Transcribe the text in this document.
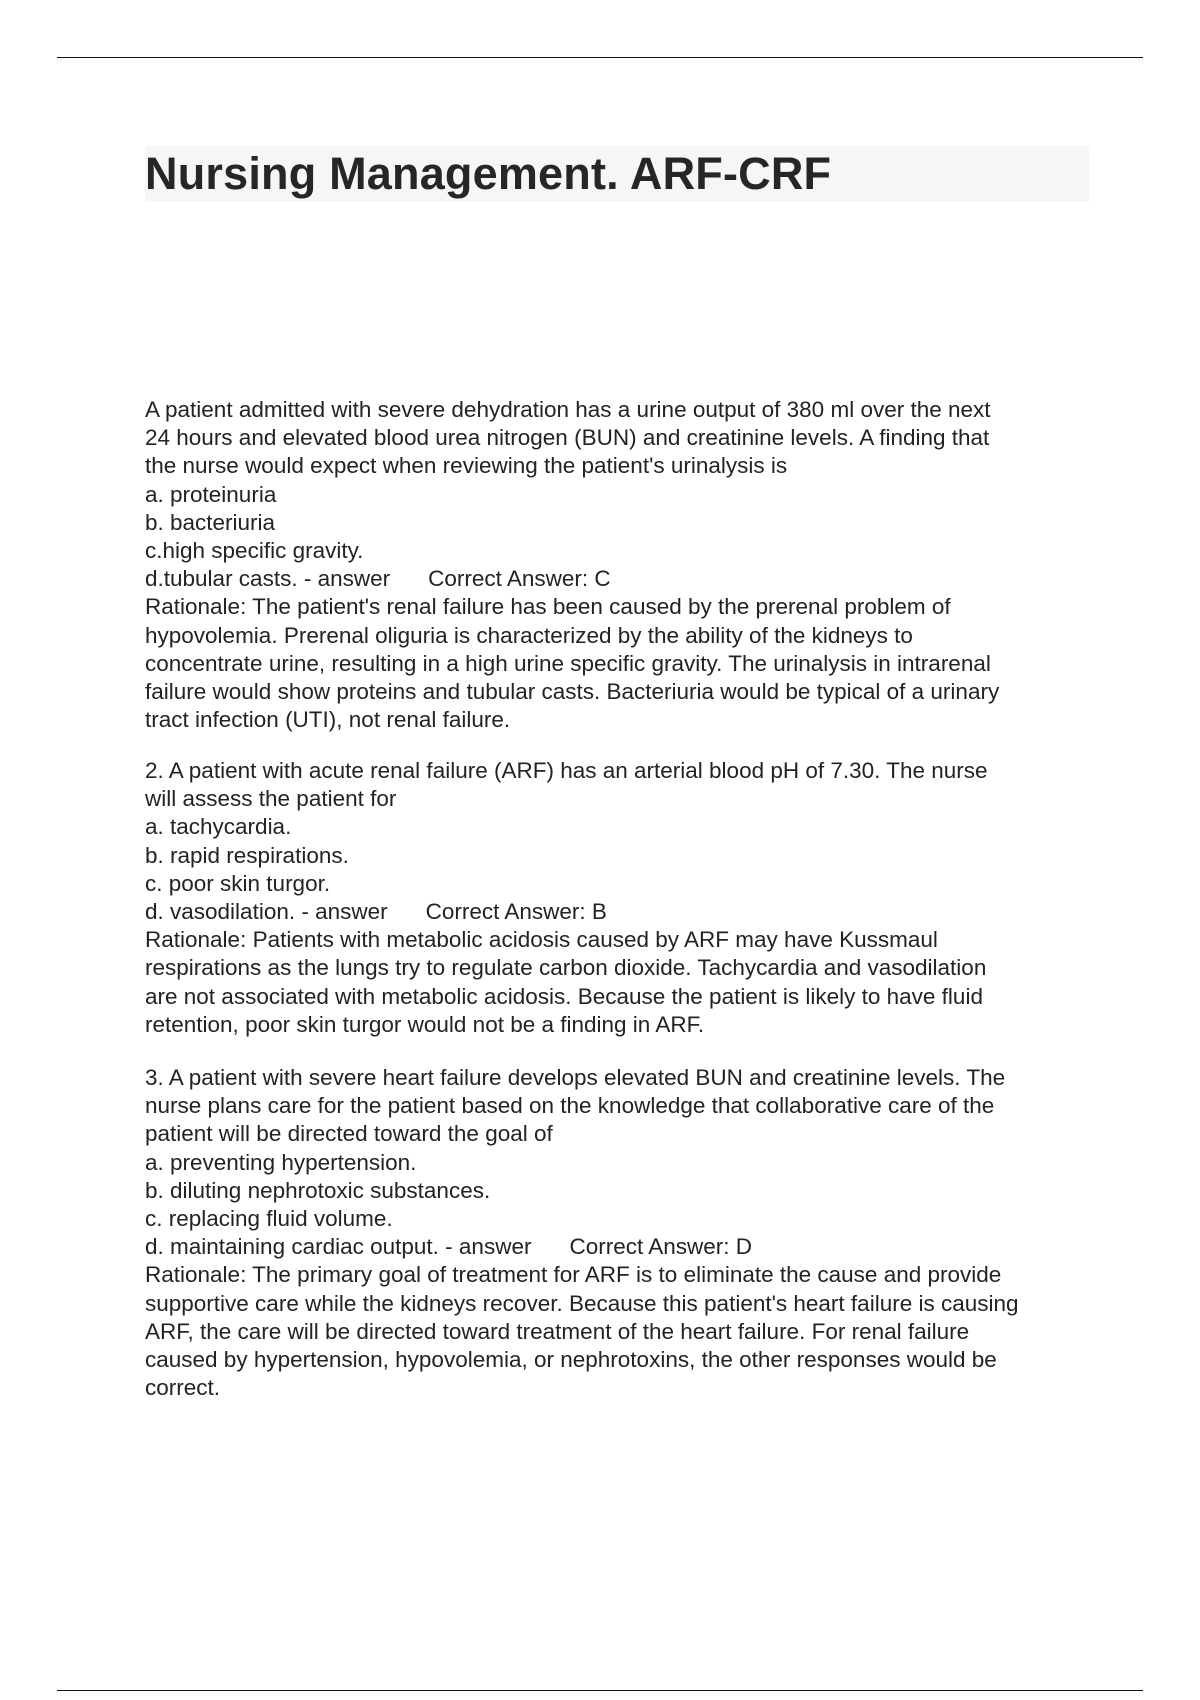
Nursing Management. ARF-CRF
A patient admitted with severe dehydration has a urine output of 380 ml over the next
24 hours and elevated blood urea nitrogen (BUN) and creatinine levels. A finding that
the nurse would expect when reviewing the patient's urinalysis is
a. proteinuria
b. bacteriuria
c.high specific gravity.
d.tubular casts. - answer Correct Answer: C
Rationale: The patient's renal failure has been caused by the prerenal problem of
hypovolemia. Prerenal oliguria is characterized by the ability of the kidneys to
concentrate urine, resulting in a high urine specific gravity. The urinalysis in intrarenal
failure would show proteins and tubular casts. Bacteriuria would be typical of a urinary
tract infection (UTI), not renal failure.
2. A patient with acute renal failure (ARF) has an arterial blood pH of 7.30. The nurse
will assess the patient for
a. tachycardia.
b. rapid respirations.
c. poor skin turgor.
d. vasodilation. - answer Correct Answer: B
Rationale: Patients with metabolic acidosis caused by ARF may have Kussmaul
respirations as the lungs try to regulate carbon dioxide. Tachycardia and vasodilation
are not associated with metabolic acidosis. Because the patient is likely to have fluid
retention, poor skin turgor would not be a finding in ARF.
3. A patient with severe heart failure develops elevated BUN and creatinine levels. The
nurse plans care for the patient based on the knowledge that collaborative care of the
patient will be directed toward the goal of
a. preventing hypertension.
b. diluting nephrotoxic substances.
c. replacing fluid volume.
d. maintaining cardiac output. - answer Correct Answer: D
Rationale: The primary goal of treatment for ARF is to eliminate the cause and provide
supportive care while the kidneys recover. Because this patient's heart failure is causing
ARF, the care will be directed toward treatment of the heart failure. For renal failure
caused by hypertension, hypovolemia, or nephrotoxins, the other responses would be
correct.
